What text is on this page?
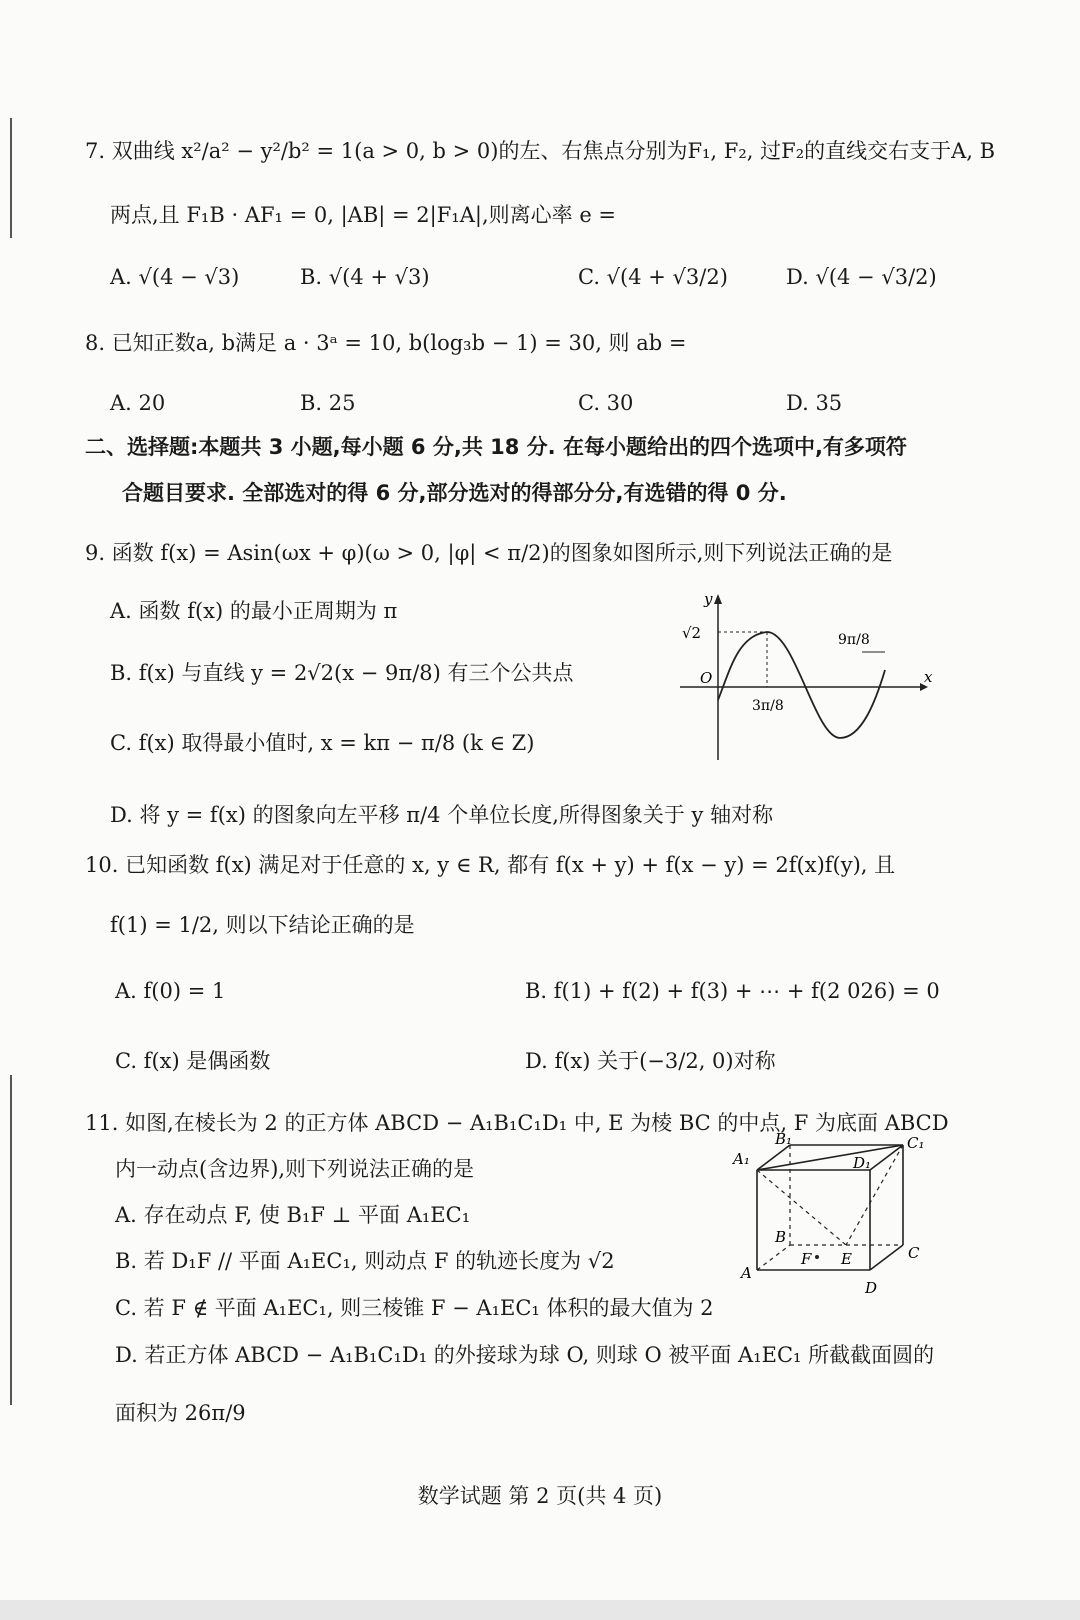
7. 双曲线 x²/a² − y²/b² = 1(a > 0, b > 0)的左、右焦点分别为F₁, F₂, 过F₂的直线交右支于A, B
两点,且 F₁B · AF₁ = 0, |AB| = 2|F₁A|,则离心率 e =
A. √(4 − √3)	B. √(4 + √3)	C. √(4 + √3/2)	D. √(4 − √3/2)
8. 已知正数a, b满足 a · 3ᵃ = 10, b(log₃b − 1) = 30, 则 ab =
A. 20	B. 25	C. 30	D. 35
二、选择题:本题共 3 小题,每小题 6 分,共 18 分. 在每小题给出的四个选项中,有多项符
合题目要求. 全部选对的得 6 分,部分选对的得部分分,有选错的得 0 分.
9. 函数 f(x) = Asin(ωx + φ)(ω > 0, |φ| < π/2)的图象如图所示,则下列说法正确的是
A. 函数 f(x) 的最小正周期为 π
B. f(x) 与直线 y = 2√2(x − 9π/8) 有三个公共点
C. f(x) 取得最小值时, x = kπ − π/8 (k ∈ Z)
D. 将 y = f(x) 的图象向左平移 π/4 个单位长度,所得图象关于 y 轴对称
y
x
O
√2
3π/8
9π/8
10. 已知函数 f(x) 满足对于任意的 x, y ∈ R, 都有 f(x + y) + f(x − y) = 2f(x)f(y), 且
f(1) = 1/2, 则以下结论正确的是
A. f(0) = 1	B. f(1) + f(2) + f(3) + ⋯ + f(2 026) = 0
C. f(x) 是偶函数	D. f(x) 关于(−3/2, 0)对称
11. 如图,在棱长为 2 的正方体 ABCD − A₁B₁C₁D₁ 中, E 为棱 BC 的中点, F 为底面 ABCD
内一动点(含边界),则下列说法正确的是
A. 存在动点 F, 使 B₁F ⊥ 平面 A₁EC₁
B. 若 D₁F // 平面 A₁EC₁, 则动点 F 的轨迹长度为 √2
C. 若 F ∉ 平面 A₁EC₁, 则三棱锥 F − A₁EC₁ 体积的最大值为 2
D. 若正方体 ABCD − A₁B₁C₁D₁ 的外接球为球 O, 则球 O 被平面 A₁EC₁ 所截截面圆的
面积为 26π/9
A
B
C
D
A₁
B₁	C₁
D₁
E
F
数学试题 第 2 页(共 4 页)
